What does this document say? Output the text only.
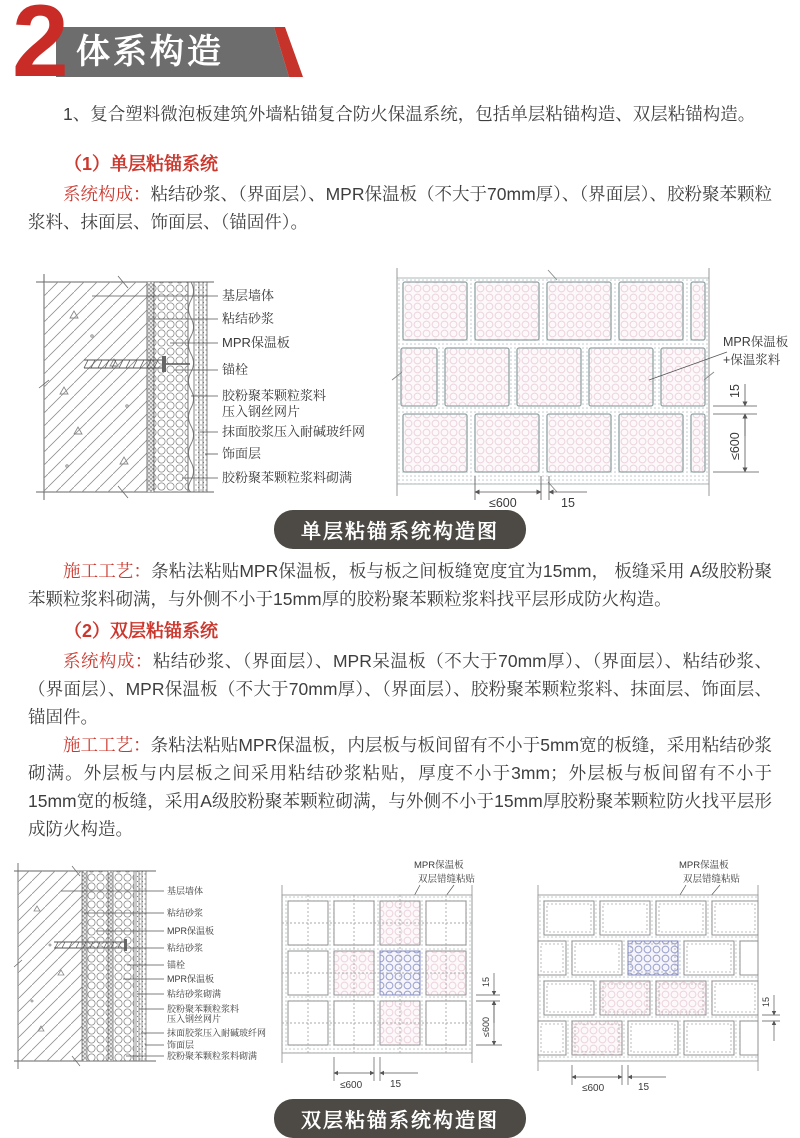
2 体系构造

1、复合塑料微泡板建筑外墙粘锚复合防火保温系统，包括单层粘锚构造、双层粘锚构造。

（1）单层粘锚系统

系统构成：粘结砂浆、（界面层）、MPR保温板（不大于70mm厚）、（界面层）、胶粉聚苯颗粒浆料、抹面层、饰面层、（锚固件）。

基层墙体
粘结砂浆
MPR保温板
锚栓
胶粉聚苯颗粒浆料
压入钢丝网片
抹面胶浆压入耐碱玻纤网
饰面层
胶粉聚苯颗粒浆料砌满
MPR保温板
+保温浆料
15
≤600
≤600	15
单层粘锚系统构造图

施工工艺：条粘法粘贴MPR保温板，板与板之间板缝宽度宜为15mm， 板缝采用 A级胶粉聚苯颗粒浆料砌满，与外侧不小于15mm厚的胶粉聚苯颗粒浆料找平层形成防火构造。

（2）双层粘锚系统

系统构成：粘结砂浆、（界面层）、MPR呆温板（不大于70mm厚）、（界面层）、粘结砂浆、（界面层）、MPR保温板（不大于70mm厚）、（界面层）、胶粉聚苯颗粒浆料、抹面层、饰面层、锚固件。

施工工艺：条粘法粘贴MPR保温板，内层板与板间留有不小于5mm宽的板缝，采用粘结砂浆砌满。外层板与内层板之间采用粘结砂浆粘贴，厚度不小于3mm；外层板与板间留有不小于15mm宽的板缝，采用A级胶粉聚苯颗粒砌满，与外侧不小于15mm厚胶粉聚苯颗粒防火找平层形成防火构造。

基层墙体
粘结砂浆
MPR保温板
粘结砂浆
锚栓
MPR保温板
粘结砂浆砌满
胶粉聚苯颗粒浆料
压入钢丝网片
抹面胶浆压入耐碱玻纤网
饰面层
胶粉聚苯颗粒浆料砌满
MPR保温板
双层错缝粘贴
15
≤600
≤600	15
MPR保温板
双层错缝粘贴
15
≤600	15
双层粘锚系统构造图
